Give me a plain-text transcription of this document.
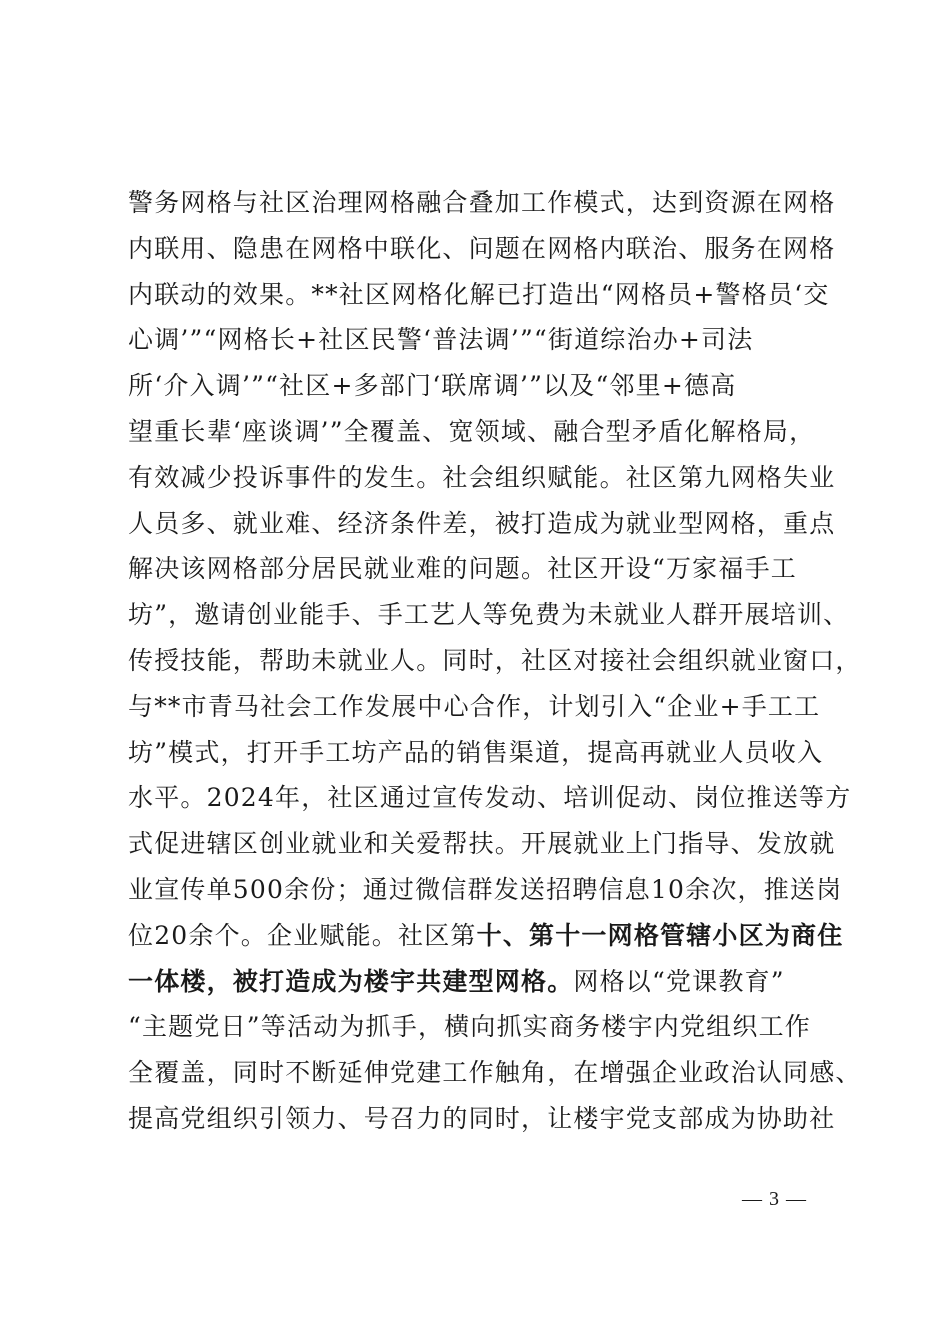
警务网格与社区治理网格融合叠加工作模式，达到资源在网格
内联用、隐患在网格中联化、问题在网格内联治、服务在网格
内联动的效果。**社区网格化解已打造出“网格员+警格员‘交
心调’”“网格长+社区民警‘普法调’”“街道综治办+司法
所‘介入调’”“社区+多部门‘联席调’”以及“邻里+德高
望重长辈‘座谈调’”全覆盖、宽领域、融合型矛盾化解格局，
有效减少投诉事件的发生。社会组织赋能。社区第九网格失业
人员多、就业难、经济条件差，被打造成为就业型网格，重点
解决该网格部分居民就业难的问题。社区开设“万家福手工
坊”，邀请创业能手、手工艺人等免费为未就业人群开展培训、
传授技能，帮助未就业人。同时，社区对接社会组织就业窗口，
与**市青马社会工作发展中心合作，计划引入“企业+手工工
坊”模式，打开手工坊产品的销售渠道，提高再就业人员收入
水平。2024年，社区通过宣传发动、培训促动、岗位推送等方
式促进辖区创业就业和关爱帮扶。开展就业上门指导、发放就
业宣传单500余份；通过微信群发送招聘信息10余次，推送岗
位20余个。企业赋能。社区第十、第十一网格管辖小区为商住
一体楼，被打造成为楼宇共建型网格。网格以“党课教育”
“主题党日”等活动为抓手，横向抓实商务楼宇内党组织工作
全覆盖，同时不断延伸党建工作触角，在增强企业政治认同感、
提高党组织引领力、号召力的同时，让楼宇党支部成为协助社
— 3 —
